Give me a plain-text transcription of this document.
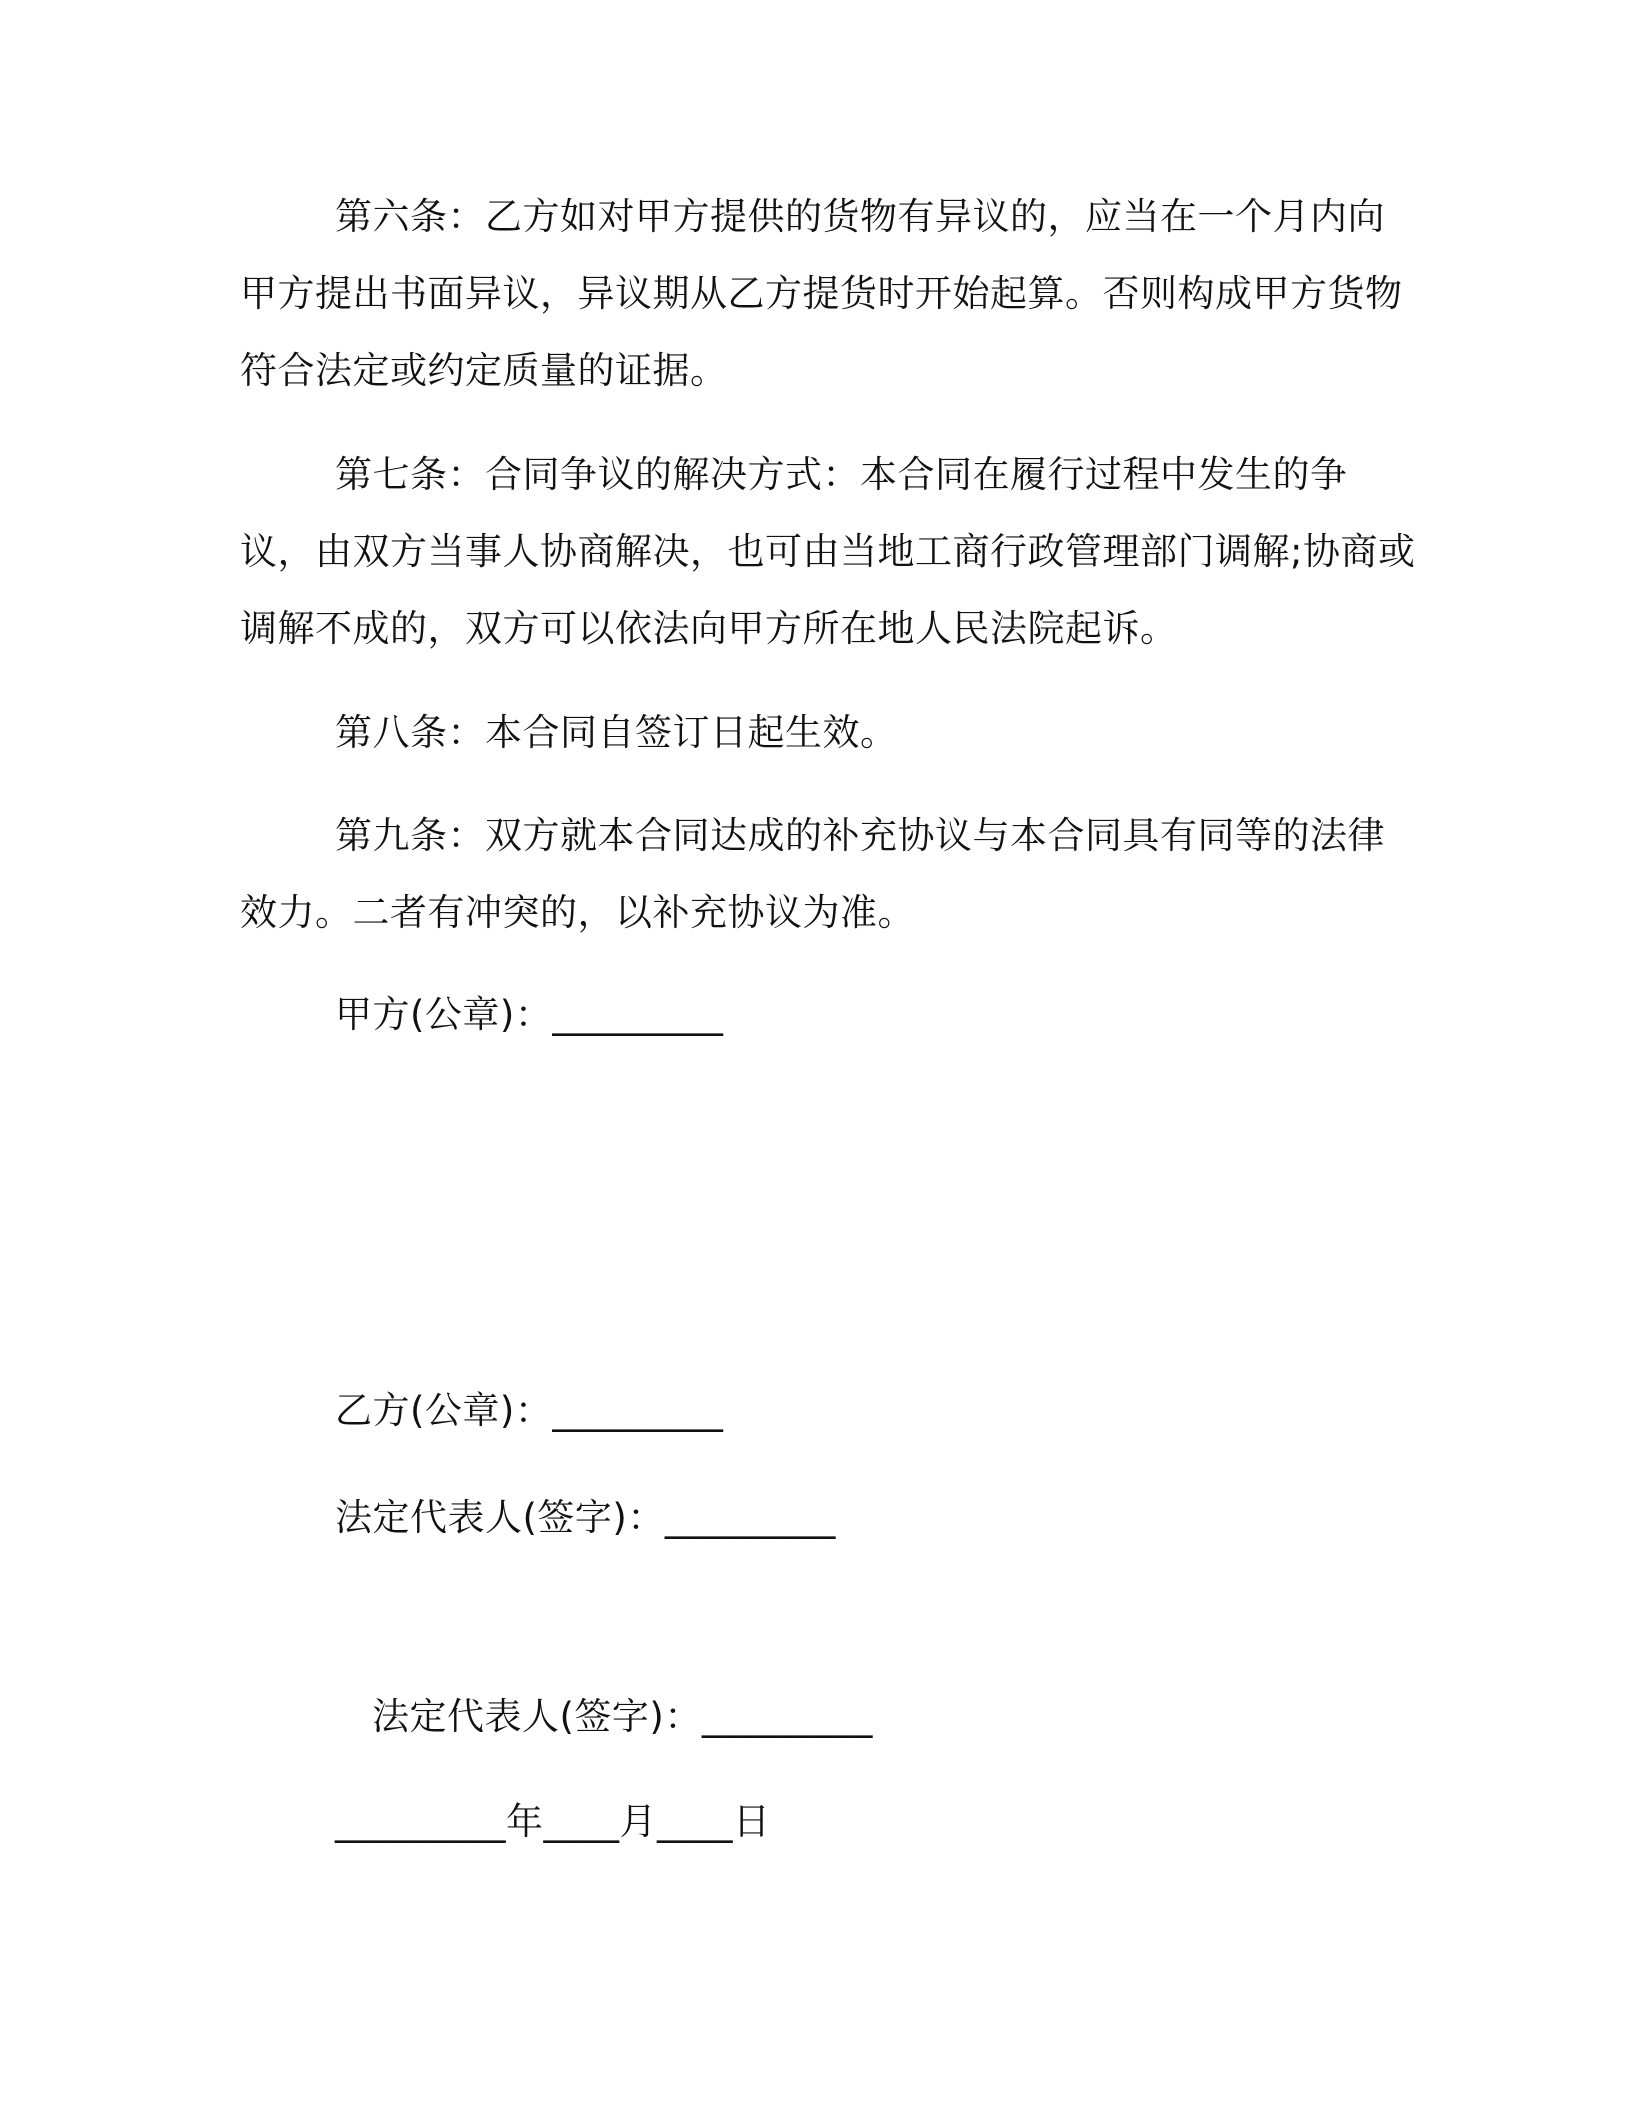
第六条：乙方如对甲方提供的货物有异议的，应当在一个月内向甲方提出书面异议，异议期从乙方提货时开始起算。否则构成甲方货物符合法定或约定质量的证据。

第七条：合同争议的解决方式：本合同在履行过程中发生的争议，由双方当事人协商解决，也可由当地工商行政管理部门调解;协商或调解不成的，双方可以依法向甲方所在地人民法院起诉。

第八条：本合同自签订日起生效。

第九条：双方就本合同达成的补充协议与本合同具有同等的法律效力。二者有冲突的，以补充协议为准。

甲方(公章)：_________
乙方(公章)：_________
法定代表人(签字)：_________
法定代表人(签字)：_________
_________年____月____日
